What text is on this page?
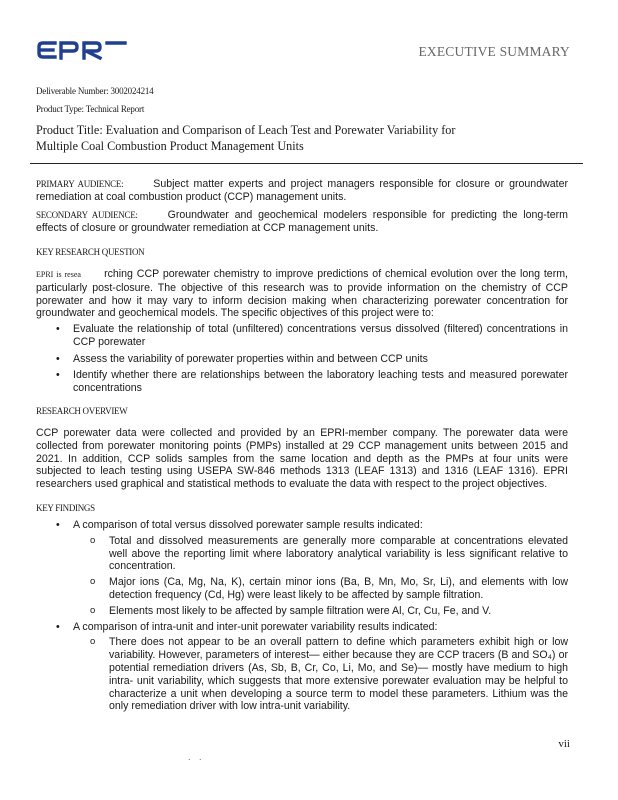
EXECUTIVE SUMMARY
Deliverable Number: 3002024214
Product Type: Technical Report
Product Title: Evaluation and Comparison of Leach Test and Porewater Variability for
Multiple Coal Combustion Product Management Units
PRIMARY AUDIENCE:	Subject matter experts and project managers responsible for closure or groundwater remediation at coal combustion product (CCP) management units.
SECONDARY AUDIENCE:	Groundwater and geochemical modelers responsible for predicting the long-term effects of closure or groundwater remediation at CCP management units.
KEY RESEARCH QUESTION
EPRI is resea rching CCP porewater chemistry to improve predictions of chemical evolution over the long term, particularly post-closure. The objective of this research was to provide information on the chemistry of CCP porewater and how it may vary to inform decision making when characterizing porewater concentration for groundwater and geochemical models. The specific objectives of this project were to:
• Evaluate the relationship of total (unfiltered) concentrations versus dissolved (filtered) concentrations in CCP porewater
• Assess the variability of porewater properties within and between CCP units
• Identify whether there are relationships between the laboratory leaching tests and measured porewater concentrations
RESEARCH OVERVIEW
CCP porewater data were collected and provided by an EPRI-member company. The porewater data were collected from porewater monitoring points (PMPs) installed at 29 CCP management units between 2015 and 2021. In addition, CCP solids samples from the same location and depth as the PMPs at four units were subjected to leach testing using USEPA SW-846 methods 1313 (LEAF 1313) and 1316 (LEAF 1316). EPRI researchers used graphical and statistical methods to evaluate the data with respect to the project objectives.
KEY FINDINGS
• A comparison of total versus dissolved porewater sample results indicated:
o Total and dissolved measurements are generally more comparable at concentrations elevated well above the reporting limit where laboratory analytical variability is less significant relative to concentration.
o Major ions (Ca, Mg, Na, K), certain minor ions (Ba, B, Mn, Mo, Sr, Li), and elements with low detection frequency (Cd, Hg) were least likely to be affected by sample filtration.
o Elements most likely to be affected by sample filtration were Al, Cr, Cu, Fe, and V.
• A comparison of intra-unit and inter-unit porewater variability results indicated:
o There does not appear to be an overall pattern to define which parameters exhibit high or low variability. However, parameters of interest— either because they are CCP tracers (B and SO₄) or potential remediation drivers (As, Sb, B, Cr, Co, Li, Mo, and Se)— mostly have medium to high intra- unit variability, which suggests that more extensive porewater evaluation may be helpful to characterize a unit when developing a source term to model these parameters. Lithium was the only remediation driver with low intra-unit variability.
vii
. .
